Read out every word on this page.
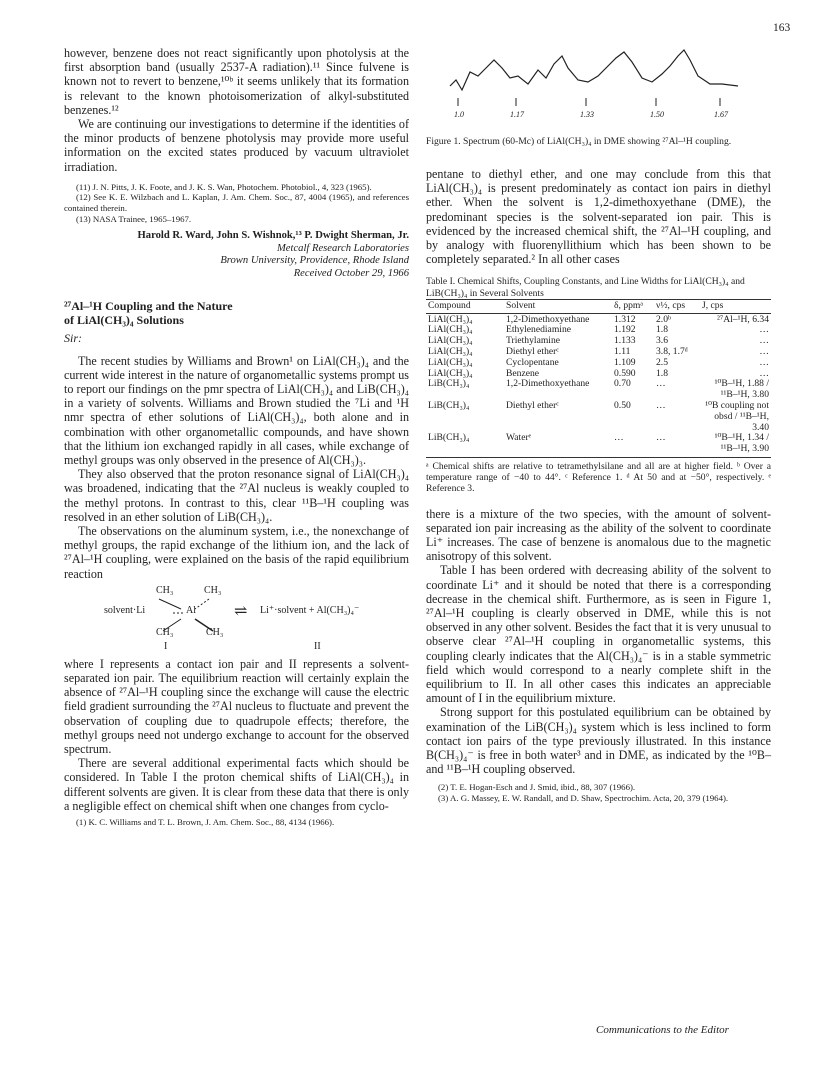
163

however, benzene does not react significantly upon photolysis at the first absorption band (usually 2537-A radiation).¹¹ Since fulvene is known not to revert to benzene,¹⁰ᵇ it seems unlikely that its formation is relevant to the known photoisomerization of alkyl-substituted benzenes.¹²

We are continuing our investigations to determine if the identities of the minor products of benzene photolysis may provide more useful information on the excited states produced by vacuum ultraviolet irradiation.

(11) J. N. Pitts, J. K. Foote, and J. K. S. Wan, Photochem. Photobiol., 4, 323 (1965).

(12) See K. E. Wilzbach and L. Kaplan, J. Am. Chem. Soc., 87, 4004 (1965), and references contained therein.

(13) NASA Trainee, 1965–1967.

Harold R. Ward, John S. Wishnok,¹³ P. Dwight Sherman, Jr.
Metcalf Research Laboratories
Brown University, Providence, Rhode Island
Received October 29, 1966
²⁷Al–¹H Coupling and the Nature
of LiAl(CH₃)₄ Solutions
Sir:

The recent studies by Williams and Brown¹ on LiAl(CH₃)₄ and the current wide interest in the nature of organometallic systems prompt us to report our findings on the pmr spectra of LiAl(CH₃)₄ and LiB(CH₃)₄ in a variety of solvents. Williams and Brown studied the ⁷Li and ¹H nmr spectra of ether solutions of LiAl(CH₃)₄, both alone and in combination with other organometallic compounds, and have shown that the lithium ion exchanged rapidly in all cases, while exchange of methyl groups was only observed in the presence of Al(CH₃)₃.

They also observed that the proton resonance signal of LiAl(CH₃)₄ was broadened, indicating that the ²⁷Al nucleus is weakly coupled to the methyl protons. In contrast to this, clear ¹¹B–¹H coupling was resolved in an ether solution of LiB(CH₃)₄.

The observations on the aluminum system, i.e., the nonexchange of methyl groups, the rapid exchange of the lithium ion, and the lack of ²⁷Al–¹H coupling, were explained on the basis of the rapid equilibrium reaction

CH₃	CH₃
solvent·Li	Al
CH₃	CH₃
⇌ Li⁺·solvent + Al(CH₃)₄⁻
I	II

where I represents a contact ion pair and II represents a solvent-separated ion pair. The equilibrium reaction will certainly explain the absence of ²⁷Al–¹H coupling since the exchange will cause the electric field gradient surrounding the ²⁷Al nucleus to fluctuate and prevent the observation of coupling due to quadrupole effects; therefore, the methyl groups need not undergo exchange to account for the observed spectrum.

There are several additional experimental facts which should be considered. In Table I the proton chemical shifts of LiAl(CH₃)₄ in different solvents are given. It is clear from these data that there is only a negligible effect on chemical shift when one changes from cyclo-

(1) K. C. Williams and T. L. Brown, J. Am. Chem. Soc., 88, 4134 (1966).

1.0	1.17	1.33	1.50	1.67
Figure 1. Spectrum (60-Mc) of LiAl(CH₃)₄ in DME showing ²⁷Al–¹H coupling.

pentane to diethyl ether, and one may conclude from this that LiAl(CH₃)₄ is present predominately as contact ion pairs in diethyl ether. When the solvent is 1,2-dimethoxyethane (DME), the predominant species is the solvent-separated ion pair. This is evidenced by the increased chemical shift, the ²⁷Al–¹H coupling, and by analogy with fluorenyllithium which has been shown to be completely separated.² In all other cases

Table I. Chemical Shifts, Coupling Constants, and Line Widths for LiAl(CH₃)₄ and LiB(CH₃)₄ in Several Solvents
Compound	Solvent	δ, ppmᵃ	ν½, cps	J, cps

LiAl(CH₃)₄	1,2-Dimethoxyethane	1.312	2.0ᵇ	²⁷Al–¹H, 6.34
LiAl(CH₃)₄	Ethylenediamine	1.192	1.8	…
LiAl(CH₃)₄	Triethylamine	1.133	3.6	…
LiAl(CH₃)₄	Diethyl etherᶜ	1.11	3.8, 1.7ᵈ	…
LiAl(CH₃)₄	Cyclopentane	1.109	2.5	…
LiAl(CH₃)₄	Benzene	0.590	1.8	…
LiB(CH₃)₄	1,2-Dimethoxyethane	0.70	…	¹⁰B–¹H, 1.88 / ¹¹B–¹H, 3.80
LiB(CH₃)₄	Diethyl etherᶜ	0.50	…	¹⁰B coupling not obsd / ¹¹B–¹H, 3.40
LiB(CH₃)₄	Waterᵉ	…	…	¹⁰B–¹H, 1.34 / ¹¹B–¹H, 3.90
ᵃ Chemical shifts are relative to tetramethylsilane and all are at higher field. ᵇ Over a temperature range of −40 to 44°. ᶜ Reference 1. ᵈ At 50 and at −50°, respectively. ᵉ Reference 3.

there is a mixture of the two species, with the amount of solvent-separated ion pair increasing as the ability of the solvent to coordinate Li⁺ increases. The case of benzene is anomalous due to the magnetic anisotropy of this solvent.

Table I has been ordered with decreasing ability of the solvent to coordinate Li⁺ and it should be noted that there is a corresponding decrease in the chemical shift. Furthermore, as is seen in Figure 1, ²⁷Al–¹H coupling is clearly observed in DME, while this is not observed in any other solvent. Besides the fact that it is very unusual to observe clear ²⁷Al–¹H coupling in organometallic systems, this coupling clearly indicates that the Al(CH₃)₄⁻ is in a stable symmetric field which would correspond to a nearly complete shift in the equilibrium to II. In all other cases this indicates an appreciable amount of I in the equilibrium mixture.

Strong support for this postulated equilibrium can be obtained by examination of the LiB(CH₃)₄ system which is less inclined to form contact ion pairs of the type previously illustrated. In this instance B(CH₃)₄⁻ is free in both water³ and in DME, as indicated by the ¹⁰B– and ¹¹B–¹H coupling observed.

(2) T. E. Hogan-Esch and J. Smid, ibid., 88, 307 (1966).

(3) A. G. Massey, E. W. Randall, and D. Shaw, Spectrochim. Acta, 20, 379 (1964).

Communications to the Editor
